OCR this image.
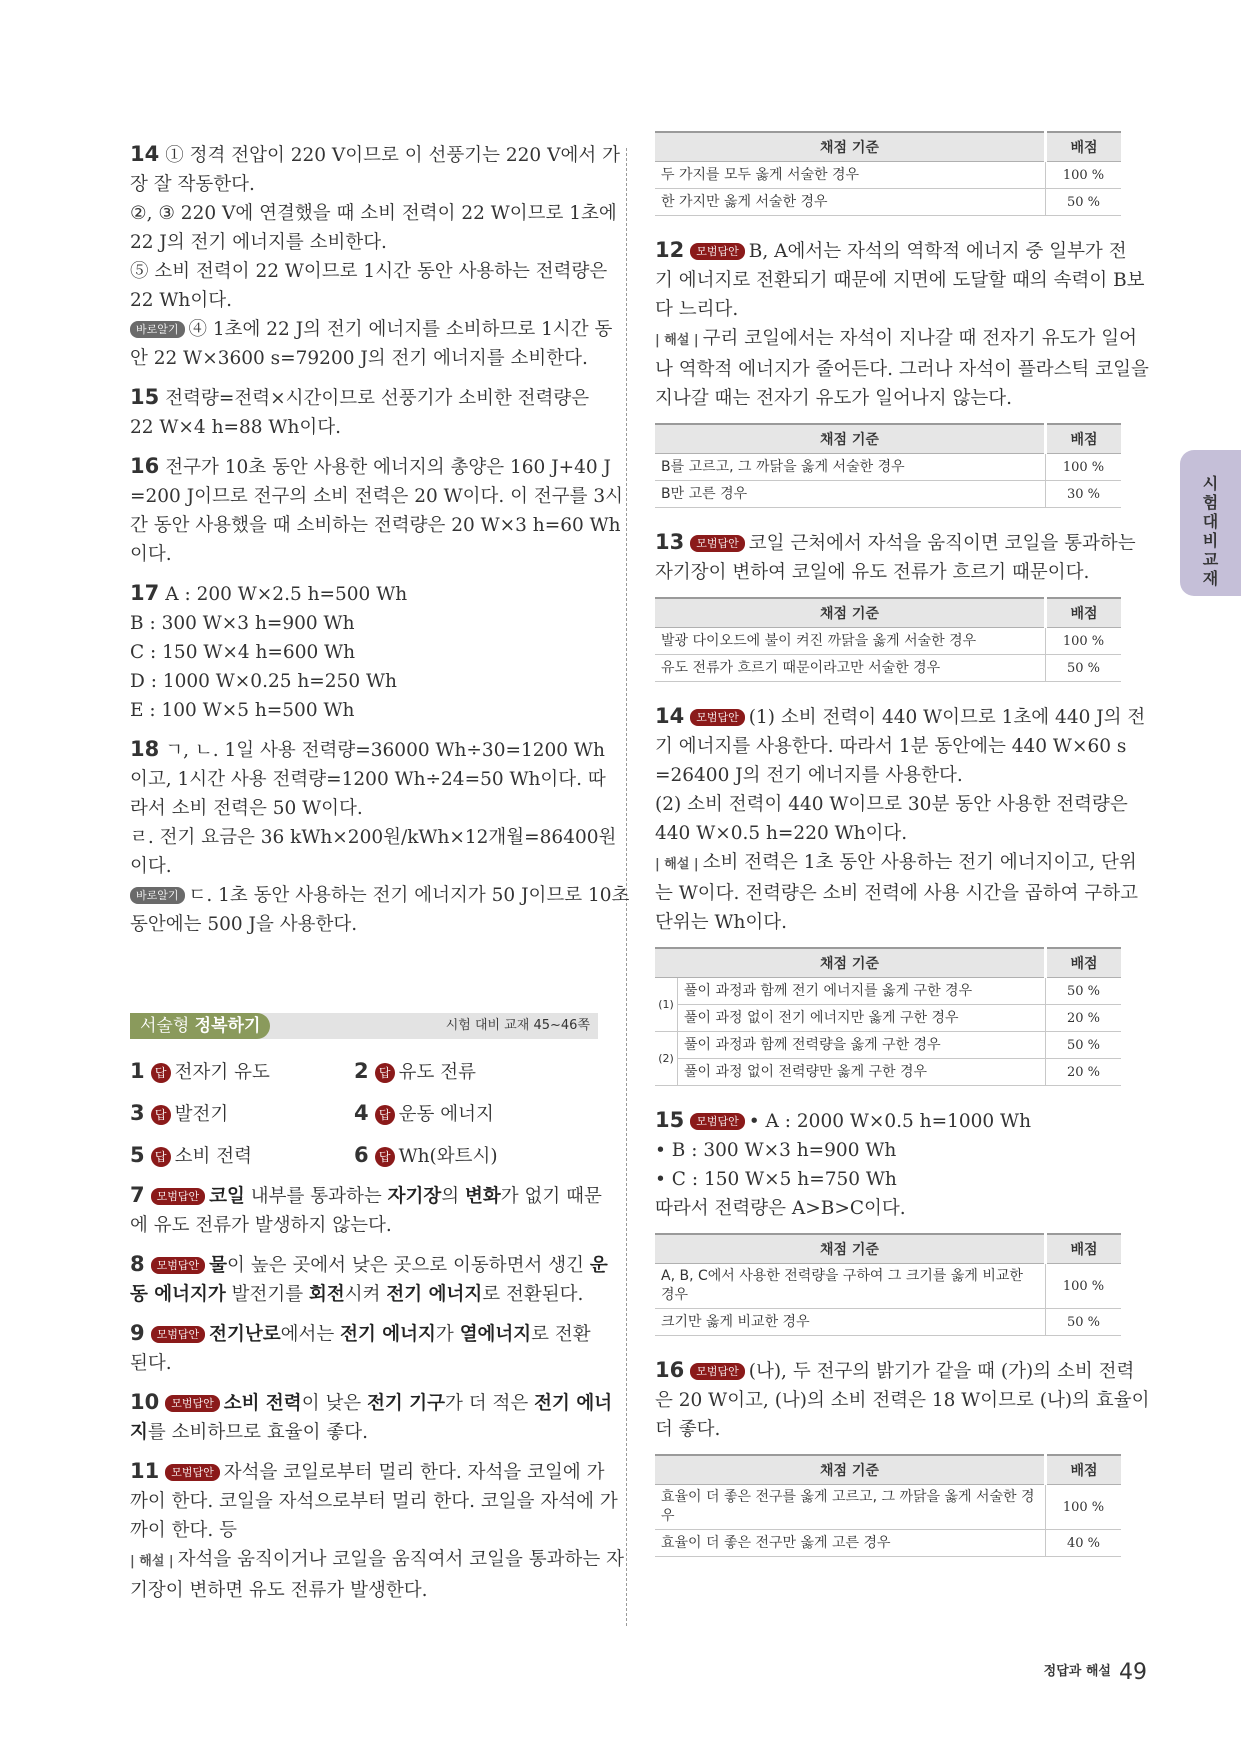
14 ① 정격 전압이 220 V이므로 이 선풍기는 220 V에서 가
장 잘 작동한다.
②, ③ 220 V에 연결했을 때 소비 전력이 22 W이므로 1초에
22 J의 전기 에너지를 소비한다.
⑤ 소비 전력이 22 W이므로 1시간 동안 사용하는 전력량은
22 Wh이다.
바로알기 ④ 1초에 22 J의 전기 에너지를 소비하므로 1시간 동
안 22 W×3600 s=79200 J의 전기 에너지를 소비한다.
15 전력량=전력×시간이므로 선풍기가 소비한 전력량은
22 W×4 h=88 Wh이다.
16 전구가 10초 동안 사용한 에너지의 총양은 160 J+40 J
=200 J이므로 전구의 소비 전력은 20 W이다. 이 전구를 3시
간 동안 사용했을 때 소비하는 전력량은 20 W×3 h=60 Wh
이다.
17 A : 200 W×2.5 h=500 Wh
B : 300 W×3 h=900 Wh
C : 150 W×4 h=600 Wh
D : 1000 W×0.25 h=250 Wh
E : 100 W×5 h=500 Wh
18 ㄱ, ㄴ. 1일 사용 전력량=36000 Wh÷30=1200 Wh
이고, 1시간 사용 전력량=1200 Wh÷24=50 Wh이다. 따
라서 소비 전력은 50 W이다.
ㄹ. 전기 요금은 36 kWh×200원/kWh×12개월=86400원
이다.
바로알기 ㄷ. 1초 동안 사용하는 전기 에너지가 50 J이므로 10초
동안에는 500 J을 사용한다.
서술형 정복하기	시험 대비 교재 45~46쪽
1 답 전자기 유도	2 답 유도 전류
3 답 발전기	4 답 운동 에너지
5 답 소비 전력	6 답 Wh(와트시)
7 모범답안 코일 내부를 통과하는 자기장의 변화가 없기 때문
에 유도 전류가 발생하지 않는다.
8 모범답안 물이 높은 곳에서 낮은 곳으로 이동하면서 생긴 운
동 에너지가 발전기를 회전시켜 전기 에너지로 전환된다.
9 모범답안 전기난로에서는 전기 에너지가 열에너지로 전환
된다.
10 모범답안 소비 전력이 낮은 전기 기구가 더 적은 전기 에너
지를 소비하므로 효율이 좋다.
11 모범답안 자석을 코일로부터 멀리 한다. 자석을 코일에 가
까이 한다. 코일을 자석으로부터 멀리 한다. 코일을 자석에 가
까이 한다. 등
| 해설 | 자석을 움직이거나 코일을 움직여서 코일을 통과하는 자
기장이 변하면 유도 전류가 발생한다.
채점 기준	배점
두 가지를 모두 옳게 서술한 경우	100 %
한 가지만 옳게 서술한 경우	50 %
12 모범답안 B, A에서는 자석의 역학적 에너지 중 일부가 전
기 에너지로 전환되기 때문에 지면에 도달할 때의 속력이 B보
다 느리다.
| 해설 | 구리 코일에서는 자석이 지나갈 때 전자기 유도가 일어
나 역학적 에너지가 줄어든다. 그러나 자석이 플라스틱 코일을
지나갈 때는 전자기 유도가 일어나지 않는다.
채점 기준	배점
B를 고르고, 그 까닭을 옳게 서술한 경우	100 %
B만 고른 경우	30 %
13 모범답안 코일 근처에서 자석을 움직이면 코일을 통과하는
자기장이 변하여 코일에 유도 전류가 흐르기 때문이다.
채점 기준	배점
발광 다이오드에 불이 켜진 까닭을 옳게 서술한 경우	100 %
유도 전류가 흐르기 때문이라고만 서술한 경우	50 %
14 모범답안 (1) 소비 전력이 440 W이므로 1초에 440 J의 전
기 에너지를 사용한다. 따라서 1분 동안에는 440 W×60 s
=26400 J의 전기 에너지를 사용한다.
(2) 소비 전력이 440 W이므로 30분 동안 사용한 전력량은
440 W×0.5 h=220 Wh이다.
| 해설 | 소비 전력은 1초 동안 사용하는 전기 에너지이고, 단위
는 W이다. 전력량은 소비 전력에 사용 시간을 곱하여 구하고
단위는 Wh이다.
채점 기준		배점
(1)	풀이 과정과 함께 전기 에너지를 옳게 구한 경우	50 %
	풀이 과정 없이 전기 에너지만 옳게 구한 경우	20 %
(2)	풀이 과정과 함께 전력량을 옳게 구한 경우	50 %
	풀이 과정 없이 전력량만 옳게 구한 경우	20 %
15 모범답안 • A : 2000 W×0.5 h=1000 Wh
• B : 300 W×3 h=900 Wh
• C : 150 W×5 h=750 Wh
따라서 전력량은 A>B>C이다.
채점 기준	배점
A, B, C에서 사용한 전력량을 구하여 그 크기를 옳게 비교한 경우	100 %
크기만 옳게 비교한 경우	50 %
16 모범답안 (나), 두 전구의 밝기가 같을 때 (가)의 소비 전력
은 20 W이고, (나)의 소비 전력은 18 W이므로 (나)의 효율이
더 좋다.
채점 기준	배점
효율이 더 좋은 전구를 옳게 고르고, 그 까닭을 옳게 서술한 경우	100 %
효율이 더 좋은 전구만 옳게 고른 경우	40 %
시
험
대
비
교
재
$^{정답과 해설}$ 49
